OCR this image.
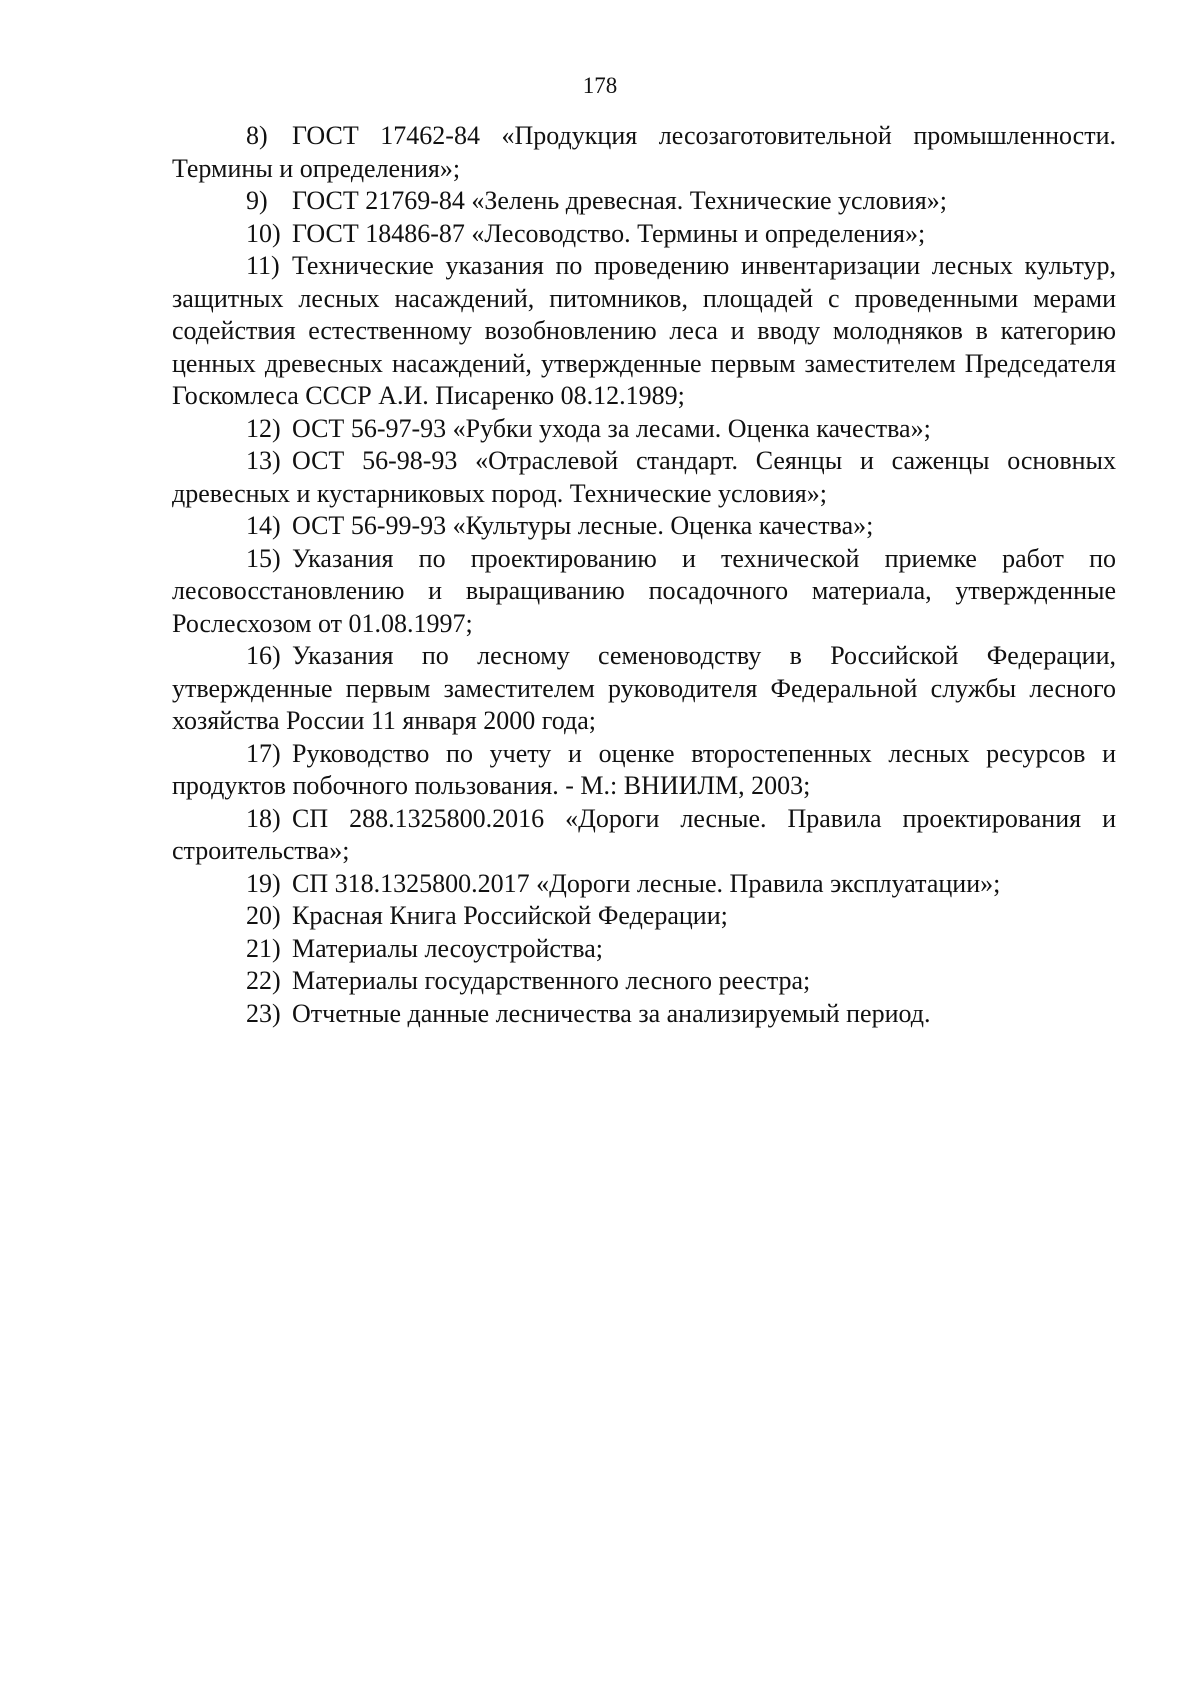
178

8) ГОСТ 17462-84 «Продукция лесозаготовительной промышленности. Термины и определения»;

9) ГОСТ 21769-84 «Зелень древесная. Технические условия»;

10) ГОСТ 18486-87 «Лесоводство. Термины и определения»;

11) Технические указания по проведению инвентаризации лесных культур, защитных лесных насаждений, питомников, площадей с проведенными мерами содействия естественному возобновлению леса и вводу молодняков в категорию ценных древесных насаждений, утвержденные первым заместителем Председателя Госкомлеса СССР А.И. Писаренко 08.12.1989;

12) ОСТ 56-97-93 «Рубки ухода за лесами. Оценка качества»;

13) ОСТ 56-98-93 «Отраслевой стандарт. Сеянцы и саженцы основных древесных и кустарниковых пород. Технические условия»;

14) ОСТ 56-99-93 «Культуры лесные. Оценка качества»;

15) Указания по проектированию и технической приемке работ по лесовосстановлению и выращиванию посадочного материала, утвержденные Рослесхозом от 01.08.1997;

16) Указания по лесному семеноводству в Российской Федерации, утвержденные первым заместителем руководителя Федеральной службы лесного хозяйства России 11 января 2000 года;

17) Руководство по учету и оценке второстепенных лесных ресурсов и продуктов побочного пользования. - М.: ВНИИЛМ, 2003;

18) СП 288.1325800.2016 «Дороги лесные. Правила проектирования и строительства»;

19) СП 318.1325800.2017 «Дороги лесные. Правила эксплуатации»;

20) Красная Книга Российской Федерации;

21) Материалы лесоустройства;

22) Материалы государственного лесного реестра;

23) Отчетные данные лесничества за анализируемый период.
